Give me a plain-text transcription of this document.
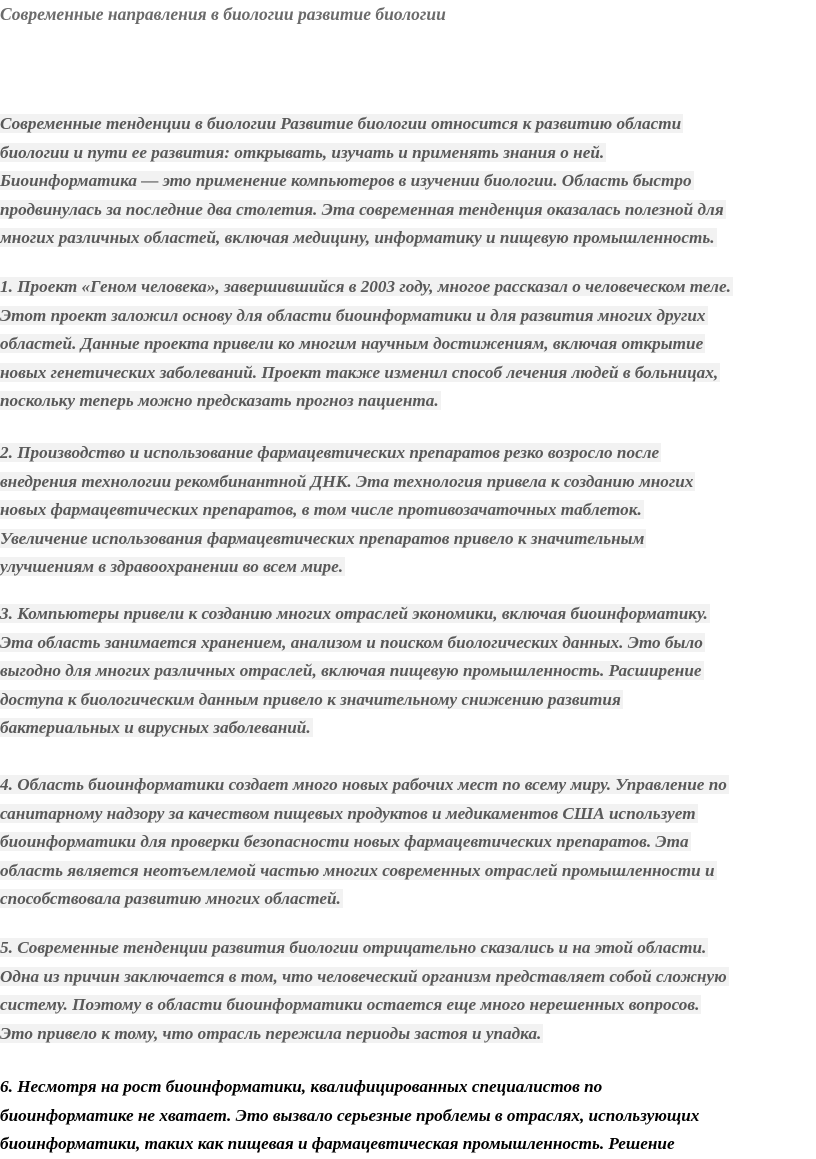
Современные направления в биологии развитие биологии
Современные тенденции в биологии Развитие биологии относится к развитию области
биологии и пути ее развития: открывать, изучать и применять знания о ней.
Биоинформатика — это применение компьютеров в изучении биологии. Область быстро
продвинулась за последние два столетия. Эта современная тенденция оказалась полезной для
многих различных областей, включая медицину, информатику и пищевую промышленность.
1. Проект «Геном человека», завершившийся в 2003 году, многое рассказал о человеческом теле.
Этот проект заложил основу для области биоинформатики и для развития многих других
областей. Данные проекта привели ко многим научным достижениям, включая открытие
новых генетических заболеваний. Проект также изменил способ лечения людей в больницах,
поскольку теперь можно предсказать прогноз пациента.
2. Производство и использование фармацевтических препаратов резко возросло после
внедрения технологии рекомбинантной ДНК. Эта технология привела к созданию многих
новых фармацевтических препаратов, в том числе противозачаточных таблеток.
Увеличение использования фармацевтических препаратов привело к значительным
улучшениям в здравоохранении во всем мире.
3. Компьютеры привели к созданию многих отраслей экономики, включая биоинформатику.
Эта область занимается хранением, анализом и поиском биологических данных. Это было
выгодно для многих различных отраслей, включая пищевую промышленность. Расширение
доступа к биологическим данным привело к значительному снижению развития
бактериальных и вирусных заболеваний.
4. Область биоинформатики создает много новых рабочих мест по всему миру. Управление по
санитарному надзору за качеством пищевых продуктов и медикаментов США использует
биоинформатики для проверки безопасности новых фармацевтических препаратов. Эта
область является неотъемлемой частью многих современных отраслей промышленности и
способствовала развитию многих областей.
5. Современные тенденции развития биологии отрицательно сказались и на этой области.
Одна из причин заключается в том, что человеческий организм представляет собой сложную
систему. Поэтому в области биоинформатики остается еще много нерешенных вопросов.
Это привело к тому, что отрасль пережила периоды застоя и упадка.
6. Несмотря на рост биоинформатики, квалифицированных специалистов по
биоинформатике не хватает. Это вызвало серьезные проблемы в отраслях, использующих
биоинформатики, таких как пищевая и фармацевтическая промышленность. Решение
